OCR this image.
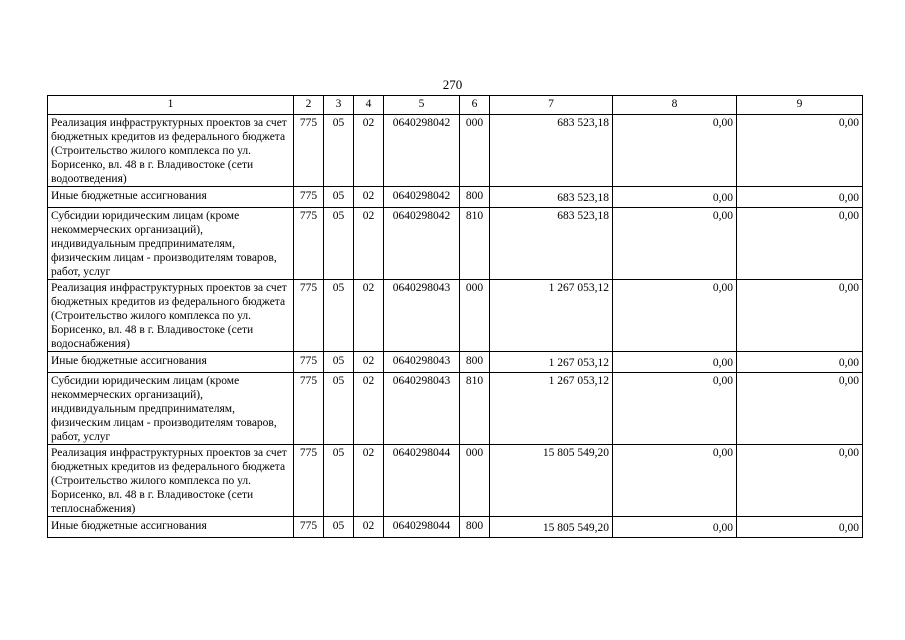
270
1	2	3	4	5	6	7	8	9
Реализация инфраструктурных проектов за счет бюджетных кредитов из федерального бюджета (Строительство жилого комплекса по ул. Борисенко, вл. 48 в г. Владивостоке (сети водоотведения)	775	05	02	0640298042	000	683 523,18	0,00	0,00
Иные бюджетные ассигнования	775	05	02	0640298042	800	683 523,18	0,00	0,00
Субсидии юридическим лицам (кроме некоммерческих организаций), индивидуальным предпринимателям, физическим лицам - производителям товаров, работ, услуг	775	05	02	0640298042	810	683 523,18	0,00	0,00
Реализация инфраструктурных проектов за счет бюджетных кредитов из федерального бюджета (Строительство жилого комплекса по ул. Борисенко, вл. 48 в г. Владивостоке (сети водоснабжения)	775	05	02	0640298043	000	1 267 053,12	0,00	0,00
Иные бюджетные ассигнования	775	05	02	0640298043	800	1 267 053,12	0,00	0,00
Субсидии юридическим лицам (кроме некоммерческих организаций), индивидуальным предпринимателям, физическим лицам - производителям товаров, работ, услуг	775	05	02	0640298043	810	1 267 053,12	0,00	0,00
Реализация инфраструктурных проектов за счет бюджетных кредитов из федерального бюджета (Строительство жилого комплекса по ул. Борисенко, вл. 48 в г. Владивостоке (сети теплоснабжения)	775	05	02	0640298044	000	15 805 549,20	0,00	0,00
Иные бюджетные ассигнования	775	05	02	0640298044	800	15 805 549,20	0,00	0,00
